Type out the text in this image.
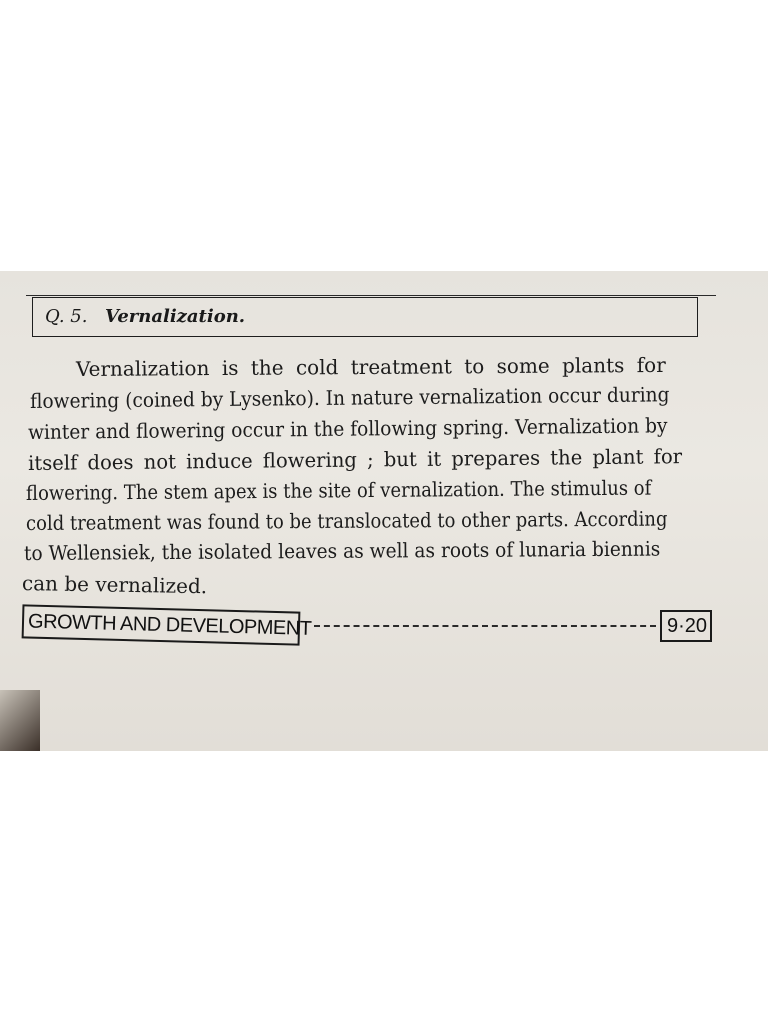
Q. 5. Vernalization.
Vernalization is the cold treatment to some plants for
flowering (coined by Lysenko). In nature vernalization occur during
winter and flowering occur in the following spring. Vernalization by
itself does not induce flowering ; but it prepares the plant for
flowering. The stem apex is the site of vernalization. The stimulus of
cold treatment was found to be translocated to other parts. According
to Wellensiek, the isolated leaves as well as roots of lunaria biennis
can be vernalized.
GROWTH AND DEVELOPMENT	9·20
